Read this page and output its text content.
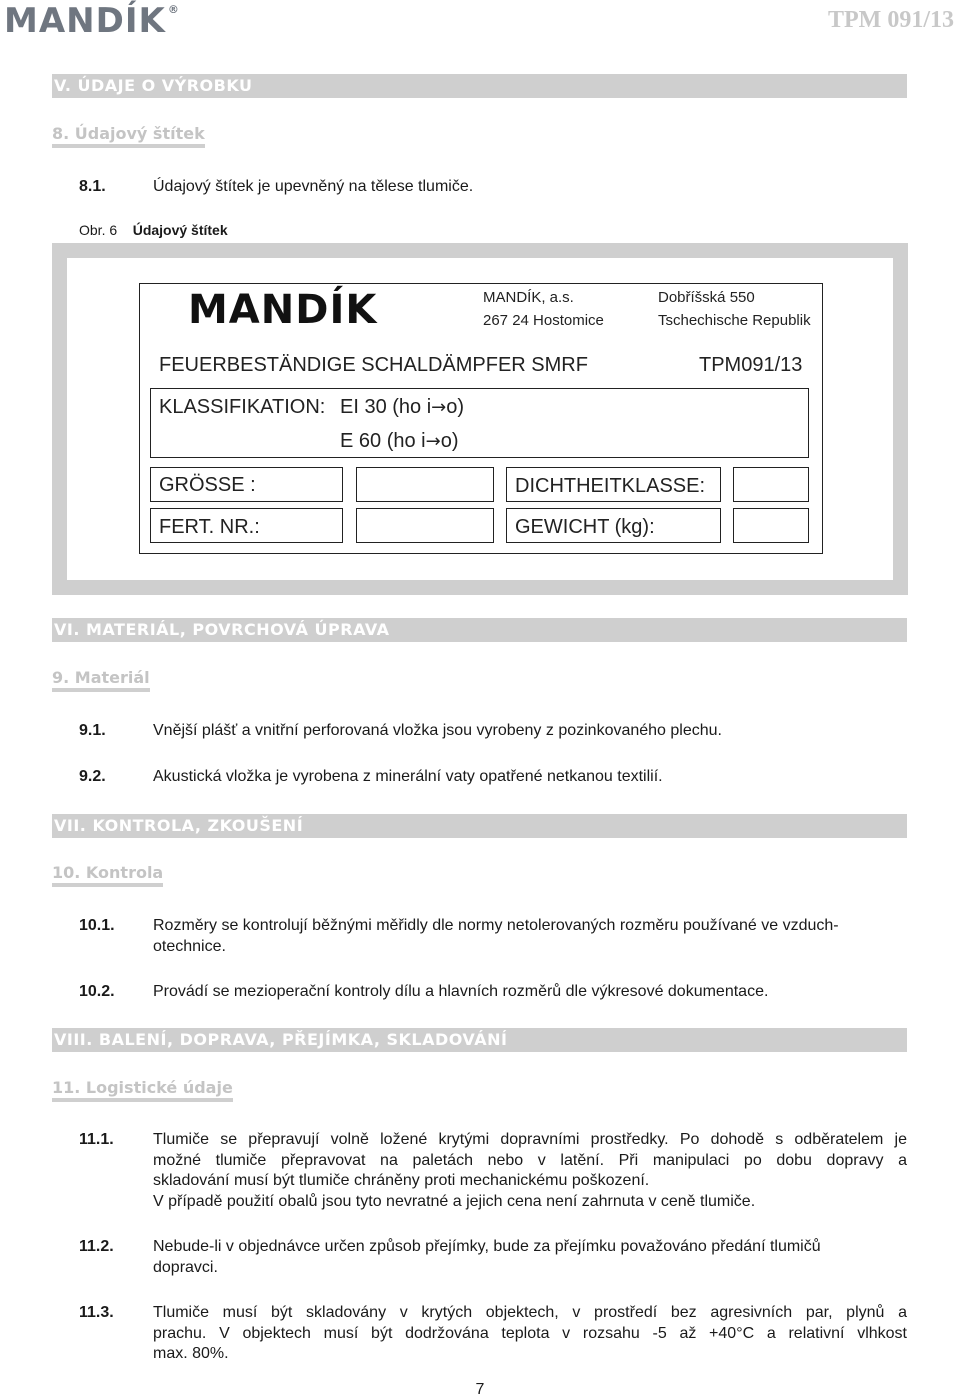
MANDÍK ®	TPM 091/13
V. ÚDAJE O VÝROBKU
8. Údajový štítek
8.1.	Údajový štítek je upevněný na tělese tlumiče.
Obr. 6 Údajový štítek
MANDÍK	MANDÍK, a.s.	Dobříšská 550
267 24 Hostomice	Tschechische Republik
FEUERBESTÄNDIGE SCHALDÄMPFER SMRF	TPM091/13
KLASSIFIKATION: EI 30 (ho i→o)
E 60 (ho i→o)
GRÖSSE :	DICHTHEITKLASSE:
FERT. NR.:	GEWICHT (kg):
VI. MATERIÁL, POVRCHOVÁ ÚPRAVA
9. Materiál
9.1.	Vnější plášť a vnitřní perforovaná vložka jsou vyrobeny z pozinkovaného plechu.
9.2.	Akustická vložka je vyrobena z minerální vaty opatřené netkanou textilií.
VII. KONTROLA, ZKOUŠENÍ
10. Kontrola
10.1. Rozměry se kontrolují běžnými měřidly dle normy netolerovaných rozměru používané ve vzduch-
otechnice.
10.2. Provádí se mezioperační kontroly dílu a hlavních rozměrů dle výkresové dokumentace.
VIII. BALENÍ, DOPRAVA, PŘEJÍMKA, SKLADOVÁNÍ
11. Logistické údaje
11.1. Tlumiče se přepravují volně ložené krytými dopravními prostředky. Po dohodě s odběratelem je
možné tlumiče přepravovat na paletách nebo v latění. Při manipulaci po dobu dopravy a
skladování musí být tlumiče chráněny proti mechanickému poškození.
V případě použití obalů jsou tyto nevratné a jejich cena není zahrnuta v ceně tlumiče.
11.2. Nebude-li v objednávce určen způsob přejímky, bude za přejímku považováno předání tlumičů
dopravci.
11.3. Tlumiče musí být skladovány v krytých objektech, v prostředí bez agresivních par, plynů a
prachu. V objektech musí být dodržována teplota v rozsahu -5 až +40°C a relativní vlhkost
max. 80%.
7
